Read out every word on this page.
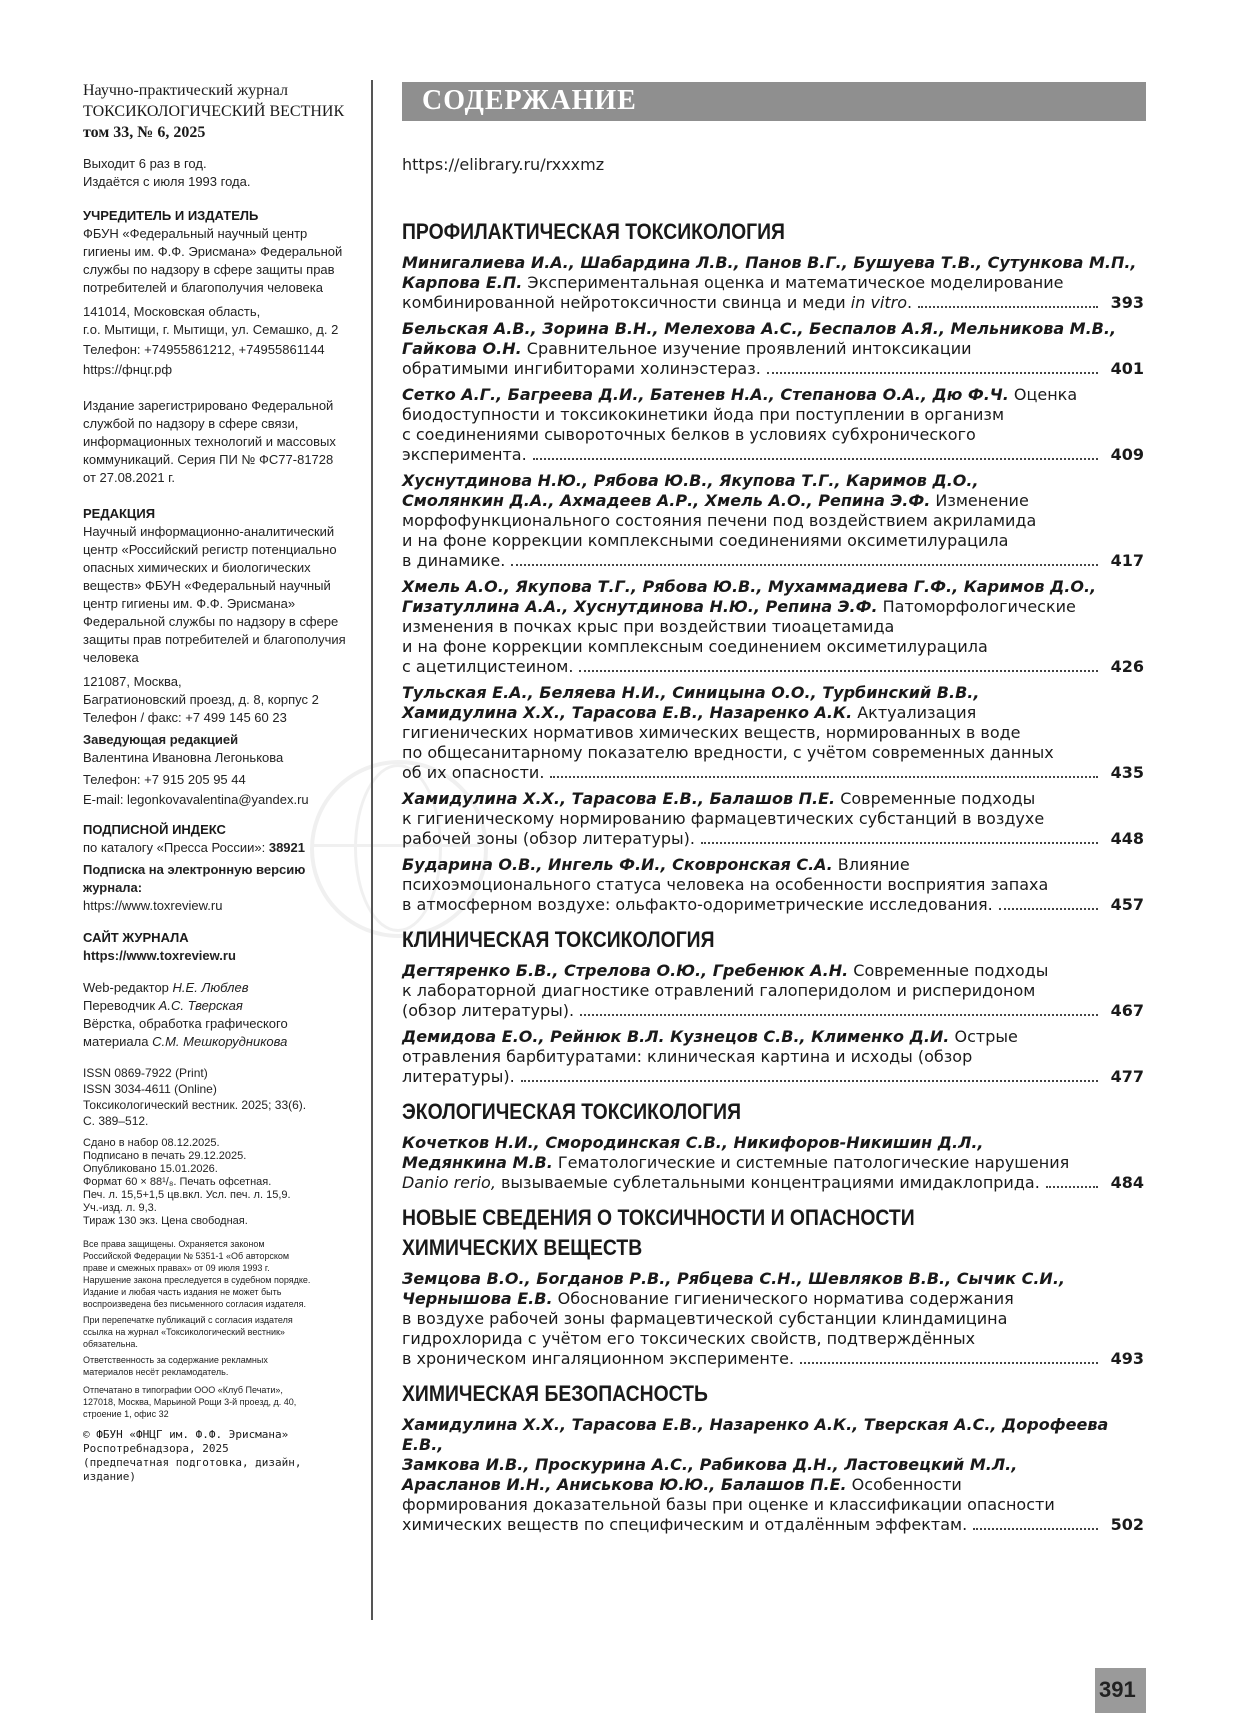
Научно-практический журнал
ТОКСИКОЛОГИЧЕСКИЙ ВЕСТНИК
том 33, № 6, 2025
Выходит 6 раз в год.
Издаётся с июля 1993 года.
УЧРЕДИТЕЛЬ И ИЗДАТЕЛЬ
ФБУН «Федеральный научный центр
гигиены им. Ф.Ф. Эрисмана» Федеральной
службы по надзору в сфере защиты прав
потребителей и благополучия человека
141014, Московская область,
г.о. Мытищи, г. Мытищи, ул. Семашко, д. 2
Телефон: +74955861212, +74955861144
https://фнцг.рф
Издание зарегистрировано Федеральной
службой по надзору в сфере связи,
информационных технологий и массовых
коммуникаций. Серия ПИ № ФС77-81728
от 27.08.2021 г.
РЕДАКЦИЯ
Научный информационно-аналитический
центр «Российский регистр потенциально
опасных химических и биологических
веществ» ФБУН «Федеральный научный
центр гигиены им. Ф.Ф. Эрисмана»
Федеральной службы по надзору в сфере
защиты прав потребителей и благополучия
человека
121087, Москва,
Багратионовский проезд, д. 8, корпус 2
Телефон / факс: +7 499 145 60 23
Заведующая редакцией
Валентина Ивановна Легонькова
Телефон: +7 915 205 95 44
E-mail: legonkovavalentina@yandex.ru
ПОДПИСНОЙ ИНДЕКС
по каталогу «Пресса России»: 38921
Подписка на электронную версию
журнала:
https://www.toxreview.ru
САЙТ ЖУРНАЛА
https://www.toxreview.ru
Web-редактор Н.Е. Люблев
Переводчик А.С. Тверская
Вёрстка, обработка графического
материала С.М. Мешкорудникова
ISSN 0869-7922 (Print)
ISSN 3034-4611 (Online)
Токсикологический вестник. 2025; 33(6).
С. 389–512.
Сдано в набор 08.12.2025.
Подписано в печать 29.12.2025.
Опубликовано 15.01.2026.
Формат 60 × 88¹/₈. Печать офсетная.
Печ. л. 15,5+1,5 цв.вкл. Усл. печ. л. 15,9.
Уч.-изд. л. 9,3.
Тираж 130 экз. Цена свободная.
Все права защищены. Охраняется законом
Российской Федерации № 5351-1 «Об авторском
праве и смежных правах» от 09 июля 1993 г.
Нарушение закона преследуется в судебном порядке.
Издание и любая часть издания не может быть
воспроизведена без письменного согласия издателя.
При перепечатке публикаций с согласия издателя
ссылка на журнал «Токсикологический вестник»
обязательна.
Ответственность за содержание рекламных
материалов несёт рекламодатель.
Отпечатано в типографии ООО «Клуб Печати»,
127018, Москва, Марьиной Рощи 3-й проезд, д. 40,
строение 1, офис 32
© ФБУН «ФНЦГ им. Ф.Ф. Эрисмана»
Роспотребнадзора, 2025
(предпечатная подготовка, дизайн,
издание)
СОДЕРЖАНИЕ
https://elibrary.ru/rxxxmz
ПРОФИЛАКТИЧЕСКАЯ ТОКСИКОЛОГИЯ
Минигалиева И.А., Шабардина Л.В., Панов В.Г., Бушуева Т.В., Сутункова М.П.,
Карпова Е.П. Экспериментальная оценка и математическое моделирование
комбинированной нейротоксичности свинца и меди in vitro.	393
Бельская А.В., Зорина В.Н., Мелехова А.С., Беспалов А.Я., Мельникова М.В.,
Гайкова О.Н. Сравнительное изучение проявлений интоксикации
обратимыми ингибиторами холинэстераз.	401
Сетко А.Г., Багреева Д.И., Батенев Н.А., Степанова О.А., Дю Ф.Ч. Оценка
биодоступности и токсикокинетики йода при поступлении в организм
с соединениями сывороточных белков в условиях субхронического
эксперимента.	409
Хуснутдинова Н.Ю., Рябова Ю.В., Якупова Т.Г., Каримов Д.О.,
Смолянкин Д.А., Ахмадеев А.Р., Хмель А.О., Репина Э.Ф. Изменение
морфофункционального состояния печени под воздействием акриламида
и на фоне коррекции комплексными соединениями оксиметилурацила
в динамике.	417
Хмель А.О., Якупова Т.Г., Рябова Ю.В., Мухаммадиева Г.Ф., Каримов Д.О.,
Гизатуллина А.А., Хуснутдинова Н.Ю., Репина Э.Ф. Патоморфологические
изменения в почках крыс при воздействии тиоацетамида
и на фоне коррекции комплексным соединением оксиметилурацила
с ацетилцистеином.	426
Тульская Е.А., Беляева Н.И., Синицына О.О., Турбинский В.В.,
Хамидулина Х.Х., Тарасова Е.В., Назаренко А.К. Актуализация
гигиенических нормативов химических веществ, нормированных в воде
по общесанитарному показателю вредности, с учётом современных данных
об их опасности.	435
Хамидулина Х.Х., Тарасова Е.В., Балашов П.Е. Современные подходы
к гигиеническому нормированию фармацевтических субстанций в воздухе
рабочей зоны (обзор литературы).	448
Бударина О.В., Ингель Ф.И., Сковронская С.А. Влияние
психоэмоционального статуса человека на особенности восприятия запаха
в атмосферном воздухе: ольфакто-одориметрические исследования.	457
КЛИНИЧЕСКАЯ ТОКСИКОЛОГИЯ
Дегтяренко Б.В., Стрелова О.Ю., Гребенюк А.Н. Современные подходы
к лабораторной диагностике отравлений галоперидолом и рисперидоном
(обзор литературы).	467
Демидова Е.О., Рейнюк В.Л. Кузнецов С.В., Клименко Д.И. Острые
отравления барбитуратами: клиническая картина и исходы (обзор
литературы).	477
ЭКОЛОГИЧЕСКАЯ ТОКСИКОЛОГИЯ
Кочетков Н.И., Смородинская С.В., Никифоров-Никишин Д.Л.,
Медянкина М.В. Гематологические и системные патологические нарушения
Danio rerio, вызываемые сублетальными концентрациями имидаклоприда.	484
НОВЫЕ СВЕДЕНИЯ О ТОКСИЧНОСТИ И ОПАСНОСТИ
ХИМИЧЕСКИХ ВЕЩЕСТВ
Земцова В.О., Богданов Р.В., Рябцева С.Н., Шевляков В.В., Сычик С.И.,
Чернышова Е.В. Обоснование гигиенического норматива содержания
в воздухе рабочей зоны фармацевтической субстанции клиндамицина
гидрохлорида с учётом его токсических свойств, подтверждённых
в хроническом ингаляционном эксперименте.	493
ХИМИЧЕСКАЯ БЕЗОПАСНОСТЬ
Хамидулина Х.Х., Тарасова Е.В., Назаренко А.К., Тверская А.С., Дорофеева Е.В.,
Замкова И.В., Проскурина А.С., Рабикова Д.Н., Ластовецкий М.Л.,
Арасланов И.Н., Аниськова Ю.Ю., Балашов П.Е. Особенности
формирования доказательной базы при оценке и классификации опасности
химических веществ по специфическим и отдалённым эффектам.	502
391
